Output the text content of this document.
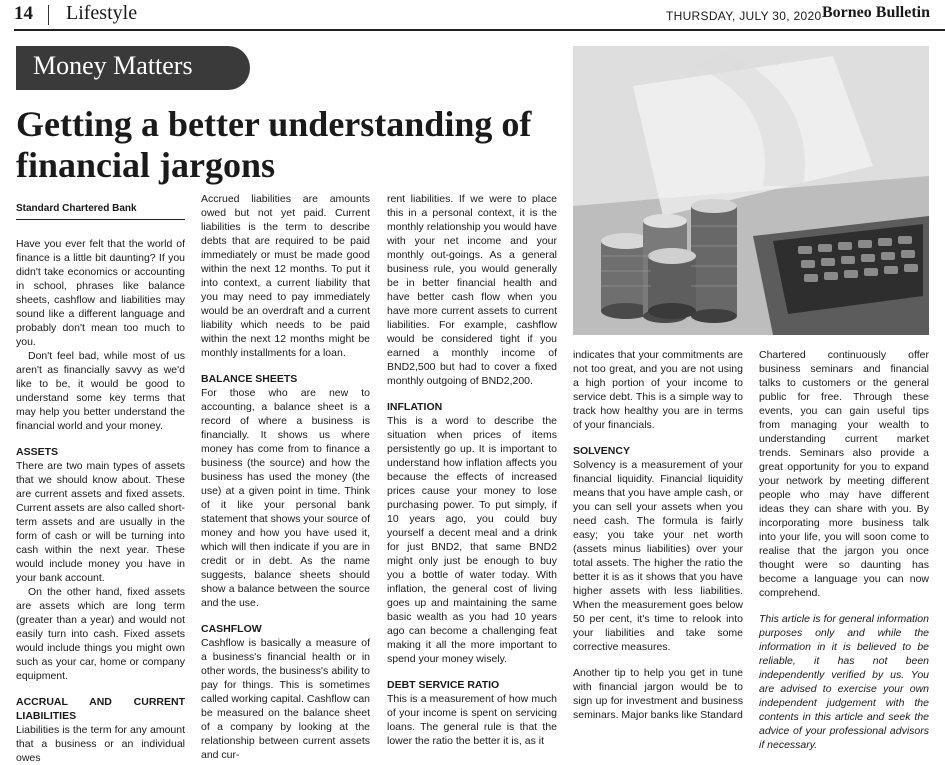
14 Lifestyle	THURSDAY, JULY 30, 2020 Borneo Bulletin
Money Matters
Getting a better understanding of financial jargons
Standard Chartered Bank

Have you ever felt that the world of finance is a little bit daunting? If you didn't take economics or accounting in school, phrases like balance sheets, cashflow and liabilities may sound like a different language and probably don't mean too much to you.

Don't feel bad, while most of us aren't as financially savvy as we'd like to be, it would be good to understand some key terms that may help you better understand the financial world and your money.

ASSETS

There are two main types of assets that we should know about. These are current assets and fixed assets. Current assets are also called short-term assets and are usually in the form of cash or will be turning into cash within the next year. These would include money you have in your bank account.

On the other hand, fixed assets are assets which are long term (greater than a year) and would not easily turn into cash. Fixed assets would include things you might own such as your car, home or company equipment.

ACCRUAL AND CURRENT LIABILITIES

Liabilities is the term for any amount that a business or an individual owes

Accrued liabilities are amounts owed but not yet paid. Current liabilities is the term to describe debts that are required to be paid immediately or must be made good within the next 12 months. To put it into context, a current liability that you may need to pay immediately would be an overdraft and a current liability which needs to be paid within the next 12 months might be monthly installments for a loan.

BALANCE SHEETS

For those who are new to accounting, a balance sheet is a record of where a business is financially. It shows us where money has come from to finance a business (the source) and how the business has used the money (the use) at a given point in time. Think of it like your personal bank statement that shows your source of money and how you have used it, which will then indicate if you are in credit or in debt. As the name suggests, balance sheets should show a balance between the source and the use.

CASHFLOW

Cashflow is basically a measure of a business's financial health or in other words, the business's ability to pay for things. This is sometimes called working capital. Cashflow can be measured on the balance sheet of a company by looking at the relationship between current assets and cur-

rent liabilities. If we were to place this in a personal context, it is the monthly relationship you would have with your net income and your monthly out-goings. As a general business rule, you would generally be in better financial health and have better cash flow when you have more current assets to current liabilities. For example, cashflow would be considered tight if you earned a monthly income of BND2,500 but had to cover a fixed monthly outgoing of BND2,200.

INFLATION

This is a word to describe the situation when prices of items persistently go up. It is important to understand how inflation affects you because the effects of increased prices cause your money to lose purchasing power. To put simply, if 10 years ago, you could buy yourself a decent meal and a drink for just BND2, that same BND2 might only just be enough to buy you a bottle of water today. With inflation, the general cost of living goes up and maintaining the same basic wealth as you had 10 years ago can become a challenging feat making it all the more important to spend your money wisely.

DEBT SERVICE RATIO

This is a measurement of how much of your income is spent on servicing loans. The general rule is that the lower the ratio the better it is, as it

indicates that your commitments are not too great, and you are not using a high portion of your income to service debt. This is a simple way to track how healthy you are in terms of your financials.

SOLVENCY

Solvency is a measurement of your financial liquidity. Financial liquidity means that you have ample cash, or you can sell your assets when you need cash. The formula is fairly easy; you take your net worth (assets minus liabilities) over your total assets. The higher the ratio the better it is as it shows that you have higher assets with less liabilities. When the measurement goes below 50 per cent, it's time to relook into your liabilities and take some corrective measures.

Another tip to help you get in tune with financial jargon would be to sign up for investment and business seminars. Major banks like Standard

Chartered continuously offer business seminars and financial talks to customers or the general public for free. Through these events, you can gain useful tips from managing your wealth to understanding current market trends. Seminars also provide a great opportunity for you to expand your network by meeting different people who may have different ideas they can share with you. By incorporating more business talk into your life, you will soon come to realise that the jargon you once thought were so daunting has become a language you can now comprehend.

This article is for general information purposes only and while the information in it is believed to be reliable, it has not been independently verified by us. You are advised to exercise your own independent judgement with the contents in this article and seek the advice of your professional advisors if necessary.
